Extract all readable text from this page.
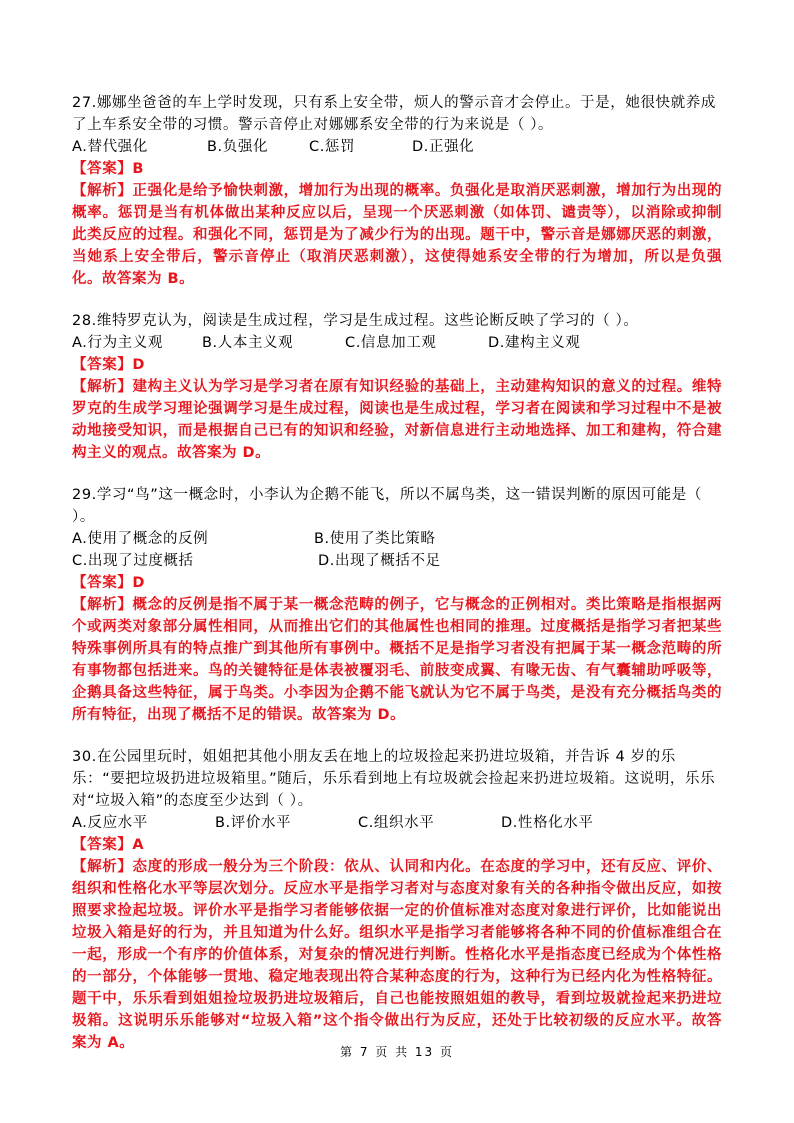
27.娜娜坐爸爸的车上学时发现，只有系上安全带，烦人的警示音才会停止。于是，她很快就养成了上车系安全带的习惯。警示音停止对娜娜系安全带的行为来说是（ ）。

A.替代强化	B.负强化	C.惩罚	D.正强化

【答案】B

【解析】正强化是给予愉快刺激，增加行为出现的概率。负强化是取消厌恶刺激，增加行为出现的概率。惩罚是当有机体做出某种反应以后，呈现一个厌恶刺激（如体罚、谴责等），以消除或抑制此类反应的过程。和强化不同，惩罚是为了减少行为的出现。题干中，警示音是娜娜厌恶的刺激，当她系上安全带后，警示音停止（取消厌恶刺激），这使得她系安全带的行为增加，所以是负强化。故答案为 B。

28.维特罗克认为，阅读是生成过程，学习是生成过程。这些论断反映了学习的（ ）。

A.行为主义观	B.人本主义观	C.信息加工观	D.建构主义观

【答案】D

【解析】建构主义认为学习是学习者在原有知识经验的基础上，主动建构知识的意义的过程。维特罗克的生成学习理论强调学习是生成过程，阅读也是生成过程，学习者在阅读和学习过程中不是被动地接受知识，而是根据自己已有的知识和经验，对新信息进行主动地选择、加工和建构，符合建构主义的观点。故答案为 D。

29.学习“鸟”这一概念时，小李认为企鹅不能飞，所以不属鸟类，这一错误判断的原因可能是（ ）。

A.使用了概念的反例	B.使用了类比策略
C.出现了过度概括	D.出现了概括不足

【答案】D

【解析】概念的反例是指不属于某一概念范畴的例子，它与概念的正例相对。类比策略是指根据两个或两类对象部分属性相同，从而推出它们的其他属性也相同的推理。过度概括是指学习者把某些特殊事例所具有的特点推广到其他所有事例中。概括不足是指学习者没有把属于某一概念范畴的所有事物都包括进来。鸟的关键特征是体表被覆羽毛、前肢变成翼、有喙无齿、有气囊辅助呼吸等，企鹅具备这些特征，属于鸟类。小李因为企鹅不能飞就认为它不属于鸟类，是没有充分概括鸟类的所有特征，出现了概括不足的错误。故答案为 D。

30.在公园里玩时，姐姐把其他小朋友丢在地上的垃圾捡起来扔进垃圾箱，并告诉 4 岁的乐乐：“要把垃圾扔进垃圾箱里。”随后，乐乐看到地上有垃圾就会捡起来扔进垃圾箱。这说明，乐乐对“垃圾入箱”的态度至少达到（ ）。

A.反应水平	B.评价水平	C.组织水平	D.性格化水平

【答案】A

【解析】态度的形成一般分为三个阶段：依从、认同和内化。在态度的学习中，还有反应、评价、组织和性格化水平等层次划分。反应水平是指学习者对与态度对象有关的各种指令做出反应，如按照要求捡起垃圾。评价水平是指学习者能够依据一定的价值标准对态度对象进行评价，比如能说出垃圾入箱是好的行为，并且知道为什么好。组织水平是指学习者能够将各种不同的价值标准组合在一起，形成一个有序的价值体系，对复杂的情况进行判断。性格化水平是指态度已经成为个体性格的一部分，个体能够一贯地、稳定地表现出符合某种态度的行为，这种行为已经内化为性格特征。题干中，乐乐看到姐姐捡垃圾扔进垃圾箱后，自己也能按照姐姐的教导，看到垃圾就捡起来扔进垃圾箱。这说明乐乐能够对“垃圾入箱”这个指令做出行为反应，还处于比较初级的反应水平。故答案为 A。

第 7 页 共 13 页
